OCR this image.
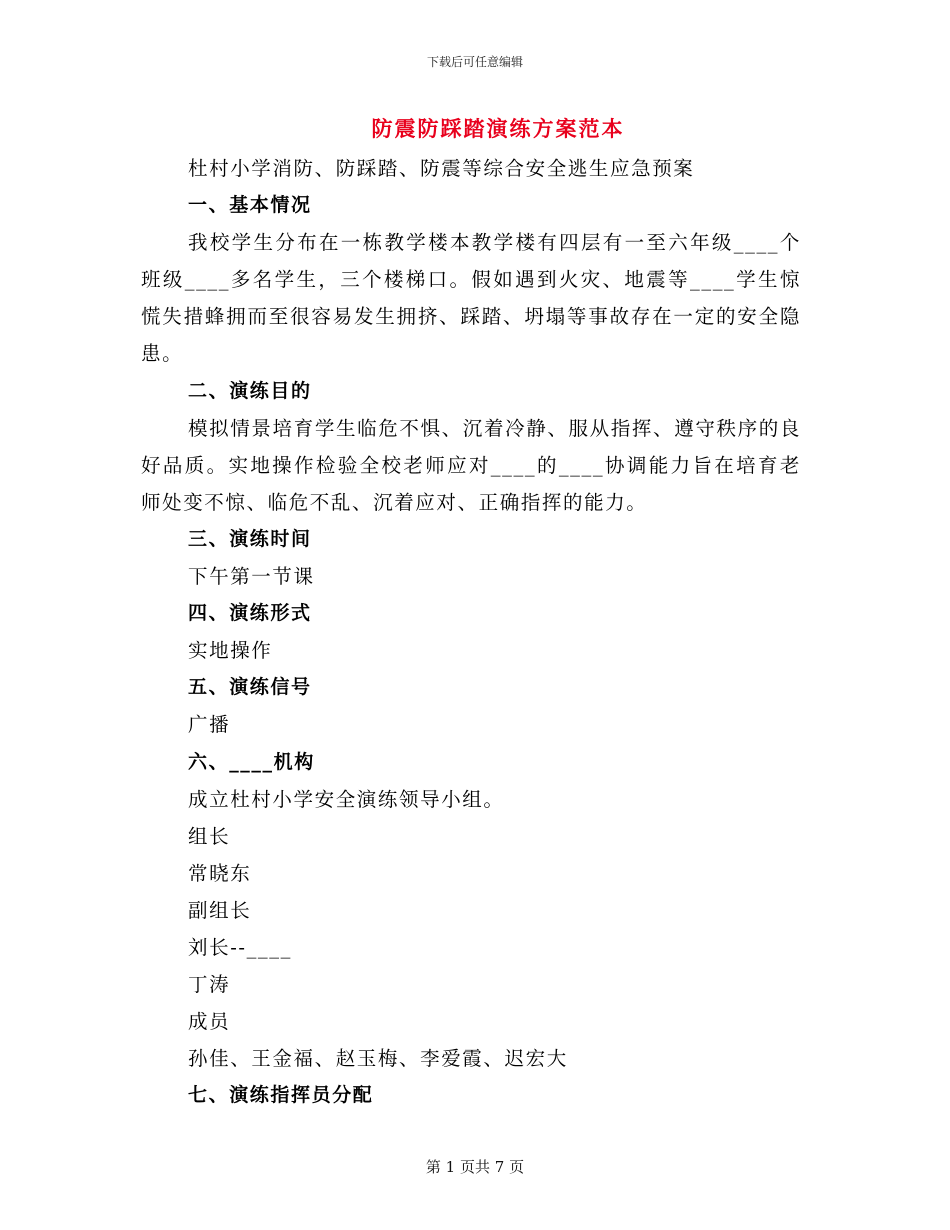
下载后可任意编辑
防震防踩踏演练方案范本

杜村小学消防、防踩踏、防震等综合安全逃生应急预案

一、基本情况

我校学生分布在一栋教学楼本教学楼有四层有一至六年级____个班级____多名学生，三个楼梯口。假如遇到火灾、地震等____学生惊慌失措蜂拥而至很容易发生拥挤、踩踏、坍塌等事故存在一定的安全隐患。

二、演练目的

模拟情景培育学生临危不惧、沉着冷静、服从指挥、遵守秩序的良好品质。实地操作检验全校老师应对____的____协调能力旨在培育老师处变不惊、临危不乱、沉着应对、正确指挥的能力。

三、演练时间

下午第一节课

四、演练形式

实地操作

五、演练信号

广播

六、____机构

成立杜村小学安全演练领导小组。

组长

常晓东

副组长

刘长--____

丁涛

成员

孙佳、王金福、赵玉梅、李爱霞、迟宏大

七、演练指挥员分配

第 1 页共 7 页
